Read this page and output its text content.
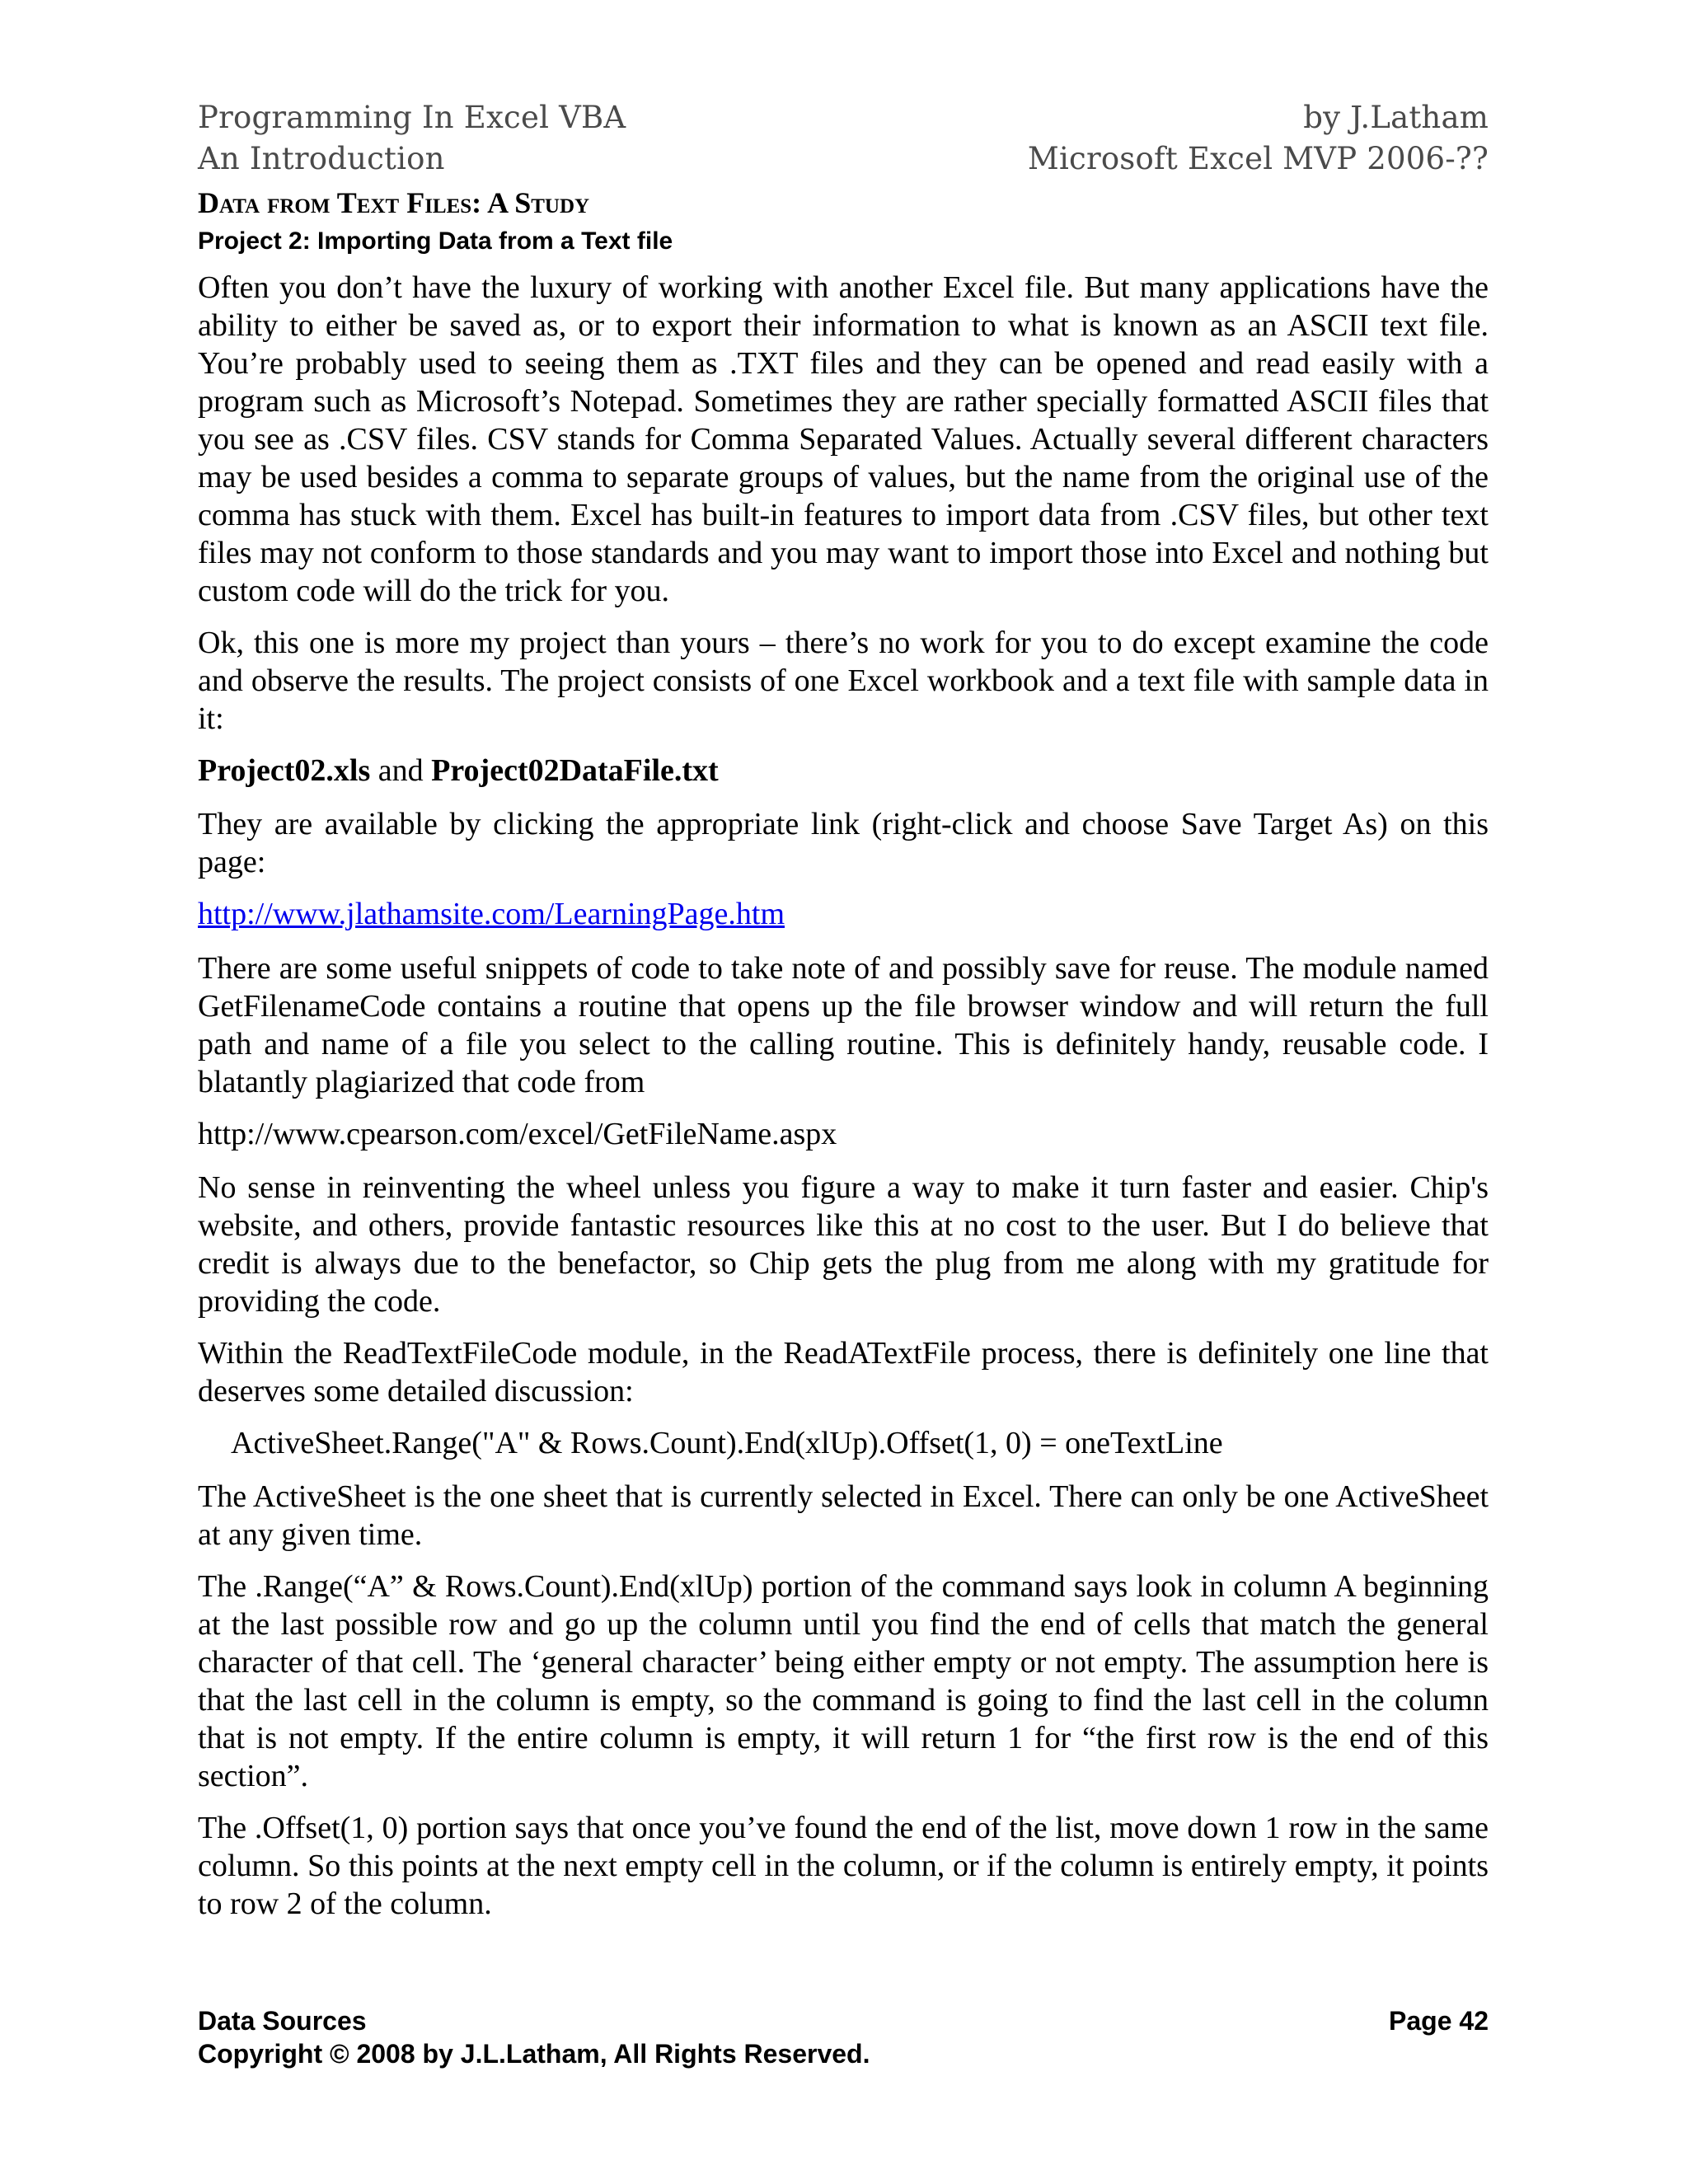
Programming In Excel VBA	by J.Latham
An Introduction	Microsoft Excel MVP 2006-??
Data from Text Files: A Study
Project 2: Importing Data from a Text file

Often you don’t have the luxury of working with another Excel file. But many applications have the ability to either be saved as, or to export their information to what is known as an ASCII text file. You’re probably used to seeing them as .TXT files and they can be opened and read easily with a program such as Microsoft’s Notepad. Sometimes they are rather specially formatted ASCII files that you see as .CSV files. CSV stands for Comma Separated Values. Actually several different characters may be used besides a comma to separate groups of values, but the name from the original use of the comma has stuck with them. Excel has built-in features to import data from .CSV files, but other text files may not conform to those standards and you may want to import those into Excel and nothing but custom code will do the trick for you.

Ok, this one is more my project than yours – there’s no work for you to do except examine the code and observe the results. The project consists of one Excel workbook and a text file with sample data in it:

Project02.xls and Project02DataFile.txt

They are available by clicking the appropriate link (right-click and choose Save Target As) on this page:

http://www.jlathamsite.com/LearningPage.htm

There are some useful snippets of code to take note of and possibly save for reuse. The module named GetFilenameCode contains a routine that opens up the file browser window and will return the full path and name of a file you select to the calling routine. This is definitely handy, reusable code. I blatantly plagiarized that code from

http://www.cpearson.com/excel/GetFileName.aspx

No sense in reinventing the wheel unless you figure a way to make it turn faster and easier. Chip's website, and others, provide fantastic resources like this at no cost to the user. But I do believe that credit is always due to the benefactor, so Chip gets the plug from me along with my gratitude for providing the code.

Within the ReadTextFileCode module, in the ReadATextFile process, there is definitely one line that deserves some detailed discussion:

ActiveSheet.Range("A" & Rows.Count).End(xlUp).Offset(1, 0) = oneTextLine

The ActiveSheet is the one sheet that is currently selected in Excel. There can only be one ActiveSheet at any given time.

The .Range(“A” & Rows.Count).End(xlUp) portion of the command says look in column A beginning at the last possible row and go up the column until you find the end of cells that match the general character of that cell. The ‘general character’ being either empty or not empty. The assumption here is that the last cell in the column is empty, so the command is going to find the last cell in the column that is not empty. If the entire column is empty, it will return 1 for “the first row is the end of this section”.

The .Offset(1, 0) portion says that once you’ve found the end of the list, move down 1 row in the same column. So this points at the next empty cell in the column, or if the column is entirely empty, it points to row 2 of the column.

Data Sources	Page 42
Copyright © 2008 by J.L.Latham, All Rights Reserved.
